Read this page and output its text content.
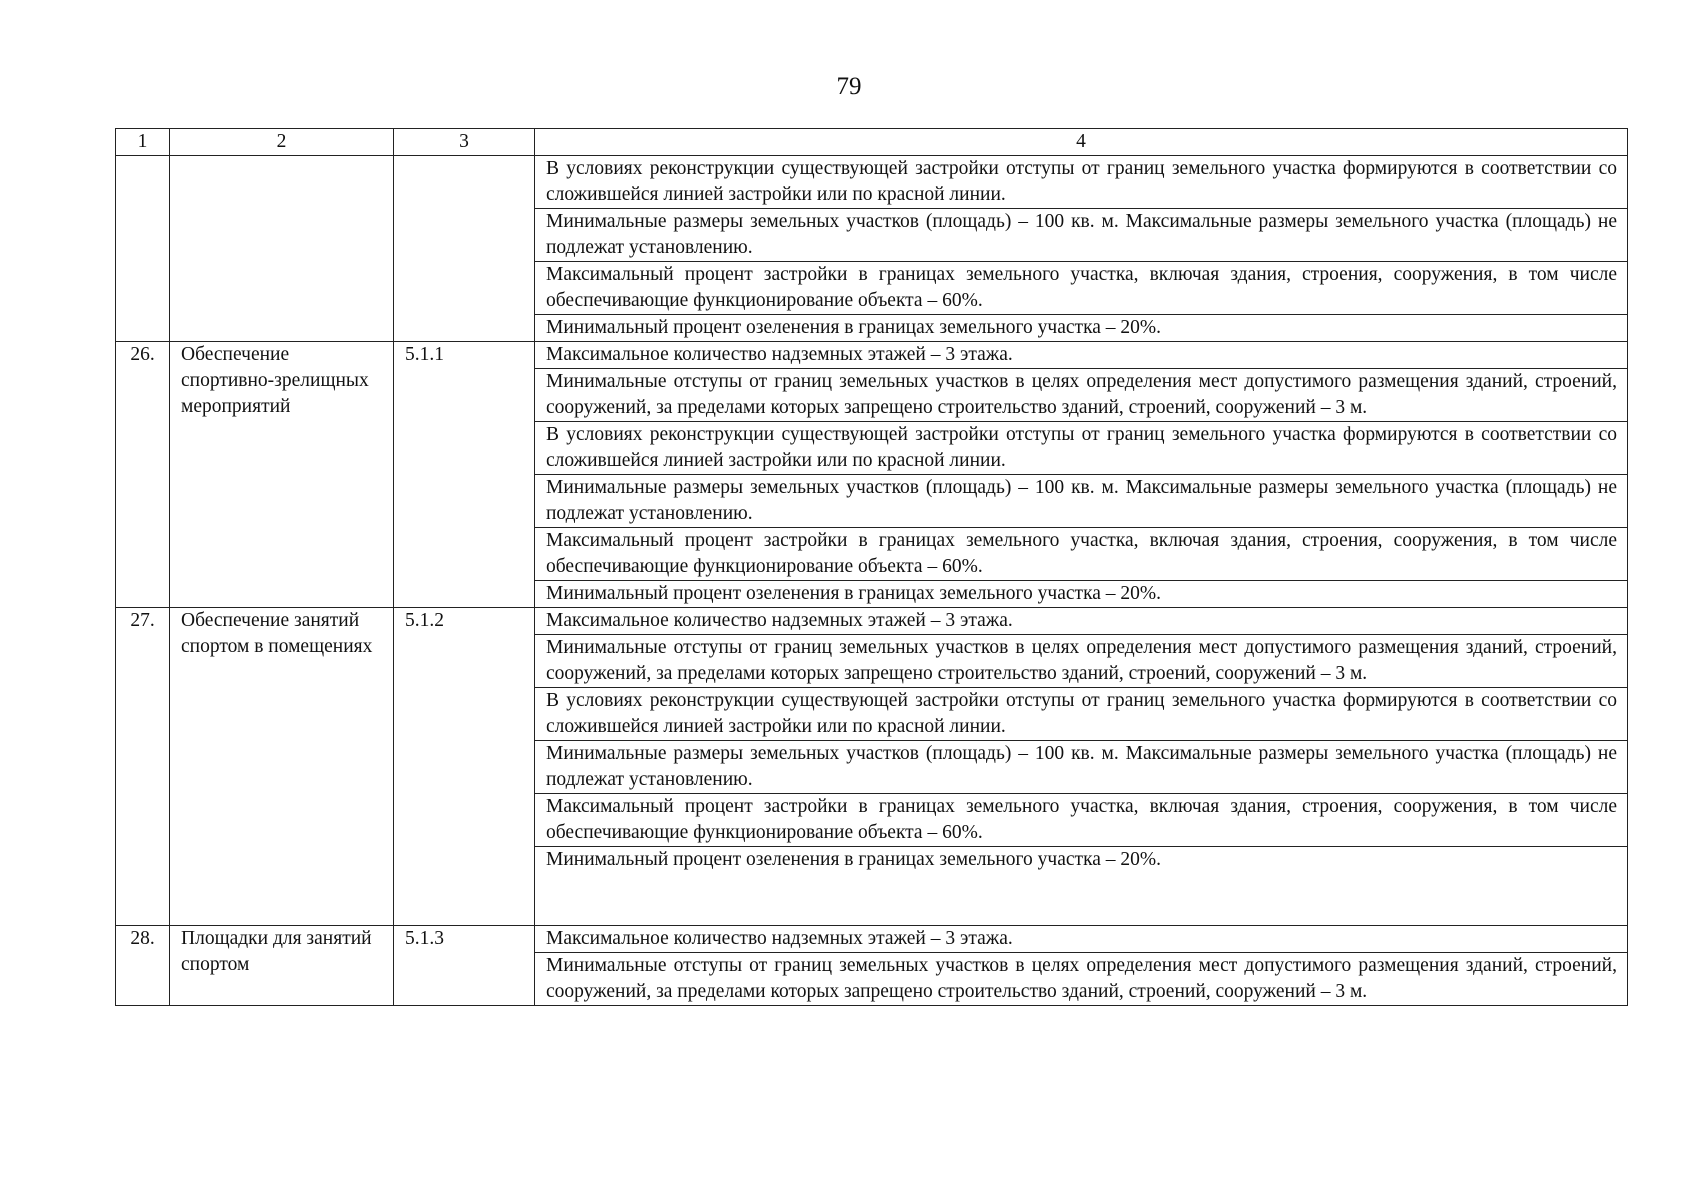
79
1	2	3	4
			В условиях реконструкции существующей застройки отступы от границ земельного участка формируются в соответствии со сложившейся линией застройки или по красной линии.
			Минимальные размеры земельных участков (площадь) – 100 кв. м. Максимальные размеры земельного участка (площадь) не подлежат установлению.
			Максимальный процент застройки в границах земельного участка, включая здания, строения, сооружения, в том числе обеспечивающие функционирование объекта – 60%.
			Минимальный процент озеленения в границах земельного участка – 20%.
26.	Обеспечение спортивно-зрелищных мероприятий	5.1.1	Максимальное количество надземных этажей – 3 этажа.
			Минимальные отступы от границ земельных участков в целях определения мест допустимого размещения зданий, строений, сооружений, за пределами которых запрещено строительство зданий, строений, сооружений – 3 м.
			В условиях реконструкции существующей застройки отступы от границ земельного участка формируются в соответствии со сложившейся линией застройки или по красной линии.
			Минимальные размеры земельных участков (площадь) – 100 кв. м. Максимальные размеры земельного участка (площадь) не подлежат установлению.
			Максимальный процент застройки в границах земельного участка, включая здания, строения, сооружения, в том числе обеспечивающие функционирование объекта – 60%.
			Минимальный процент озеленения в границах земельного участка – 20%.
27.	Обеспечение занятий спортом в помещениях	5.1.2	Максимальное количество надземных этажей – 3 этажа.
			Минимальные отступы от границ земельных участков в целях определения мест допустимого размещения зданий, строений, сооружений, за пределами которых запрещено строительство зданий, строений, сооружений – 3 м.
			В условиях реконструкции существующей застройки отступы от границ земельного участка формируются в соответствии со сложившейся линией застройки или по красной линии.
			Минимальные размеры земельных участков (площадь) – 100 кв. м. Максимальные размеры земельного участка (площадь) не подлежат установлению.
			Максимальный процент застройки в границах земельного участка, включая здания, строения, сооружения, в том числе обеспечивающие функционирование объекта – 60%.
			Минимальный процент озеленения в границах земельного участка – 20%.

28.	Площадки для занятий спортом	5.1.3	Максимальное количество надземных этажей – 3 этажа.
			Минимальные отступы от границ земельных участков в целях определения мест допустимого размещения зданий, строений, сооружений, за пределами которых запрещено строительство зданий, строений, сооружений – 3 м.
